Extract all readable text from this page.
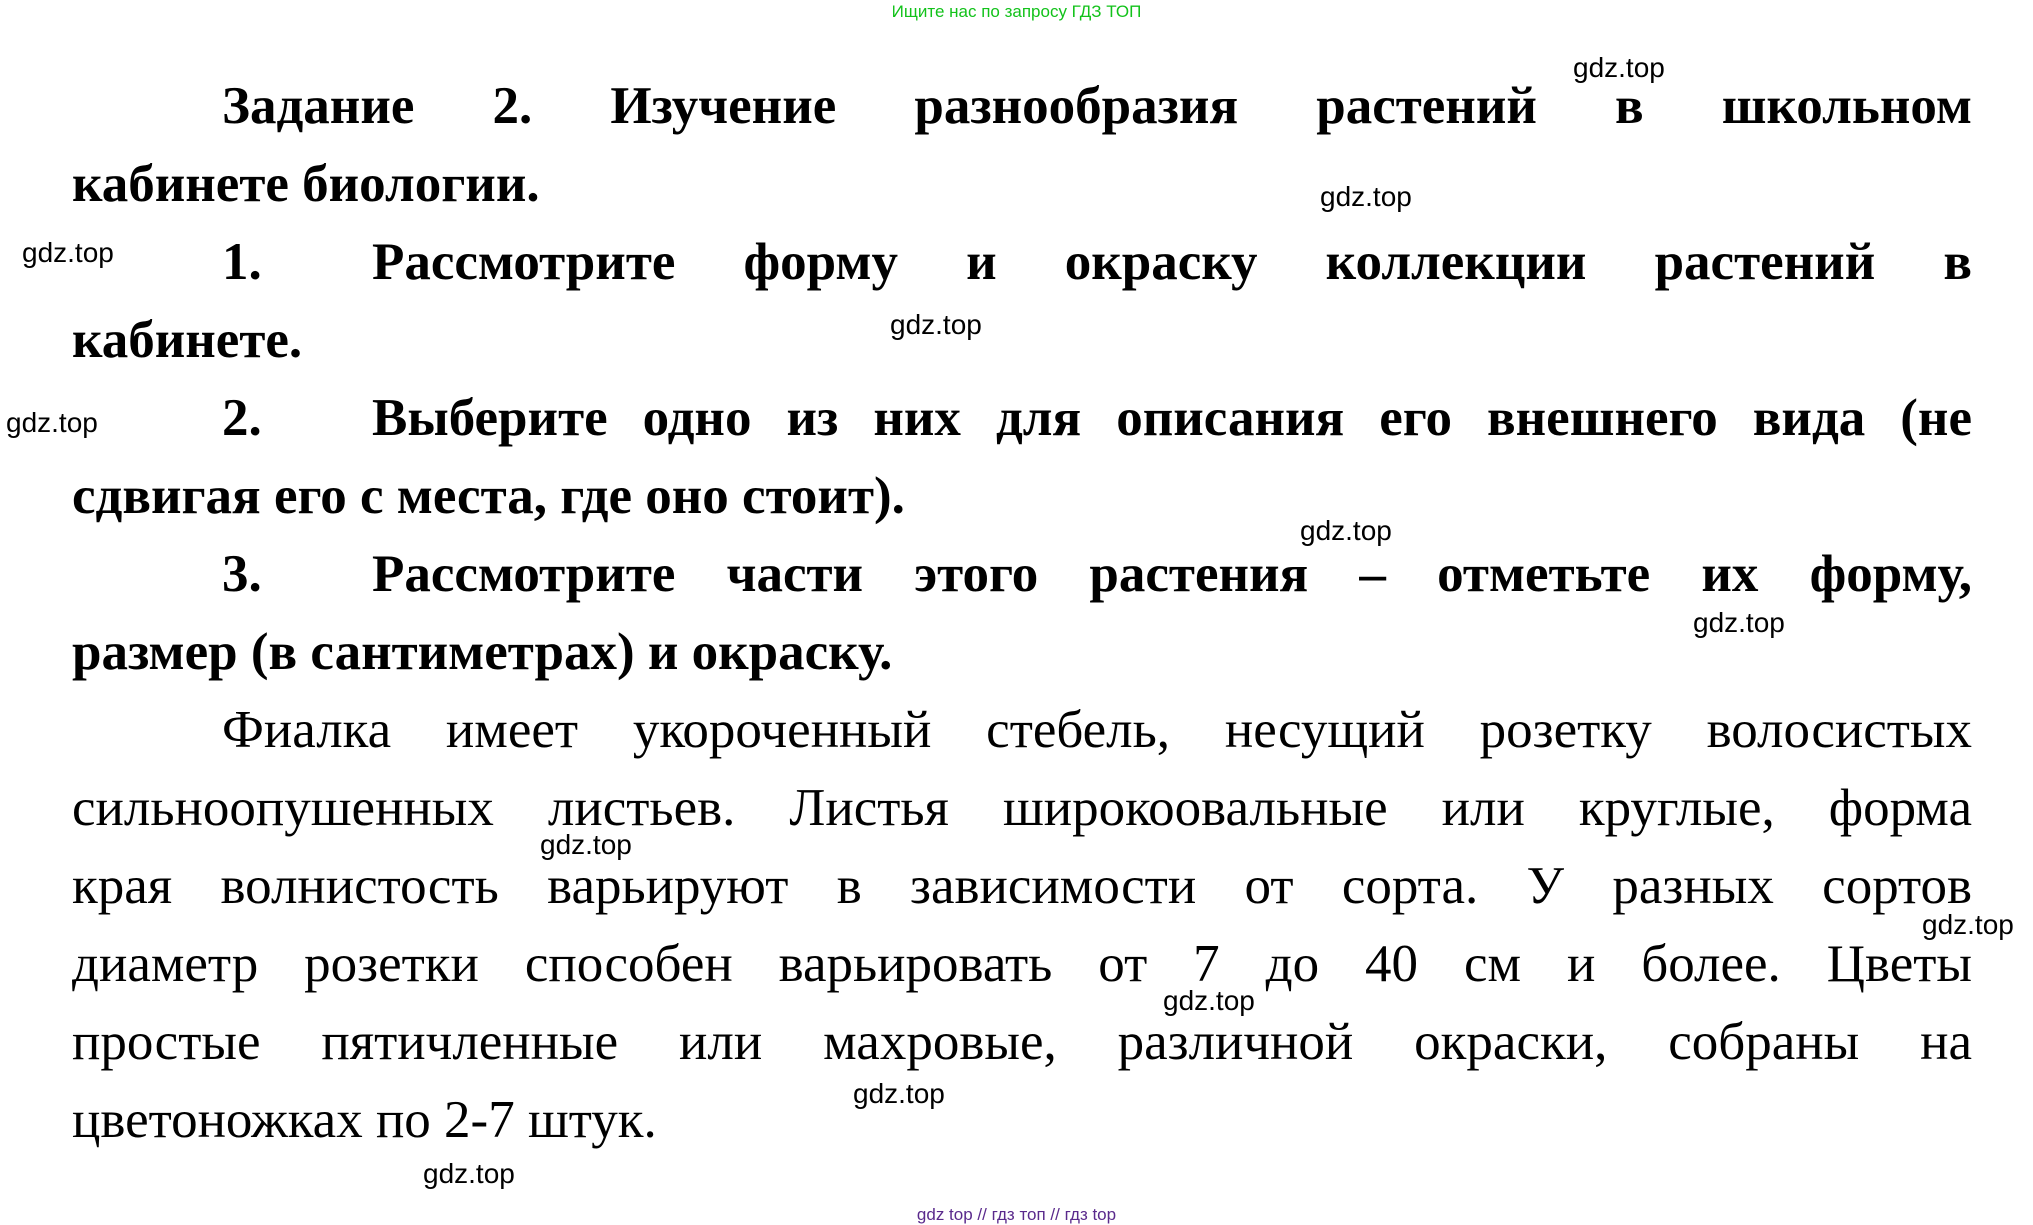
Ищите нас по запросу ГДЗ ТОП
Задание 2. Изучение разнообразия растений в школьном
кабинете биологии.
1. Рассмотрите форму и окраску коллекции растений в
кабинете.
2. Выберите одно из них для описания его внешнего вида (не
сдвигая его с места, где оно стоит).
3. Рассмотрите части этого растения – отметьте их форму,
размер (в сантиметрах) и окраску.
Фиалка имеет укороченный стебель, несущий розетку волосистых
сильноопушенных листьев. Листья широкоовальные или круглые, форма
края волнистость варьируют в зависимости от сорта. У разных сортов
диаметр розетки способен варьировать от 7 до 40 см и более. Цветы
простые пятичленные или махровые, различной окраски, собраны на
цветоножках по 2-7 штук.
gdz.top
gdz.top
gdz.top
gdz.top
gdz.top
gdz.top
gdz.top
gdz.top
gdz.top
gdz.top
gdz.top
gdz.top
gdz top // гдз топ // гдз top
